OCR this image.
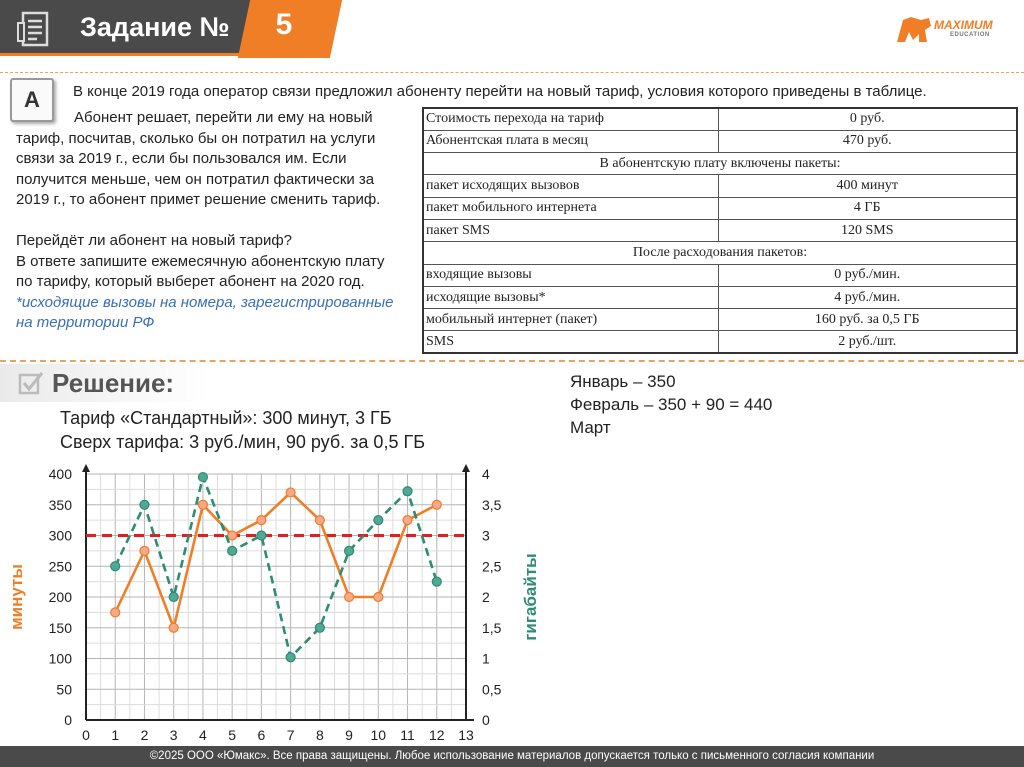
Задание №	5	MAXIMUM
EDUCATION
А	В конце 2019 года оператор связи предложил абоненту перейти на новый тариф, условия которого приведены в таблице.

Абонент решает, перейти ли ему на новый

тариф, посчитав, сколько бы он потратил на услуги

связи за 2019 г., если бы пользовался им. Если

получится меньше, чем он потратил фактически за

2019 г., то абонент примет решение сменить тариф.

Перейдёт ли абонент на новый тариф?

В ответе запишите ежемесячную абонентскую плату

по тарифу, который выберет абонент на 2020 год.

*исходящие вызовы на номера, зарегистрированные

на территории РФ

Стоимость перехода на тариф	0 руб.
Абонентская плата в месяц	470 руб.
В абонентскую плату включены пакеты:	
пакет исходящих вызовов	400 минут
пакет мобильного интернета	4 ГБ
пакет SMS	120 SMS
После расходования пакетов:	
входящие вызовы	0 руб./мин.
исходящие вызовы*	4 руб./мин.
мобильный интернет (пакет)	160 руб. за 0,5 ГБ
SMS	2 руб./шт.
Решение:
Тариф «Стандартный»: 300 минут, 3 ГБ
Сверх тарифа: 3 руб./мин, 90 руб. за 0,5 ГБ
Январь – 350
Февраль – 350 + 90 = 440
Март
0 1 2 3 4 5 6 7 8 9 10 11 12 13
0
50
100
150
200
250
300
350
400
0
0,5
1
1,5
2
2,5
3
3,5
4
минуты	гигабайты
©2025 ООО «Юмакс». Все права защищены. Любое использование материалов допускается только с письменного согласия компании
